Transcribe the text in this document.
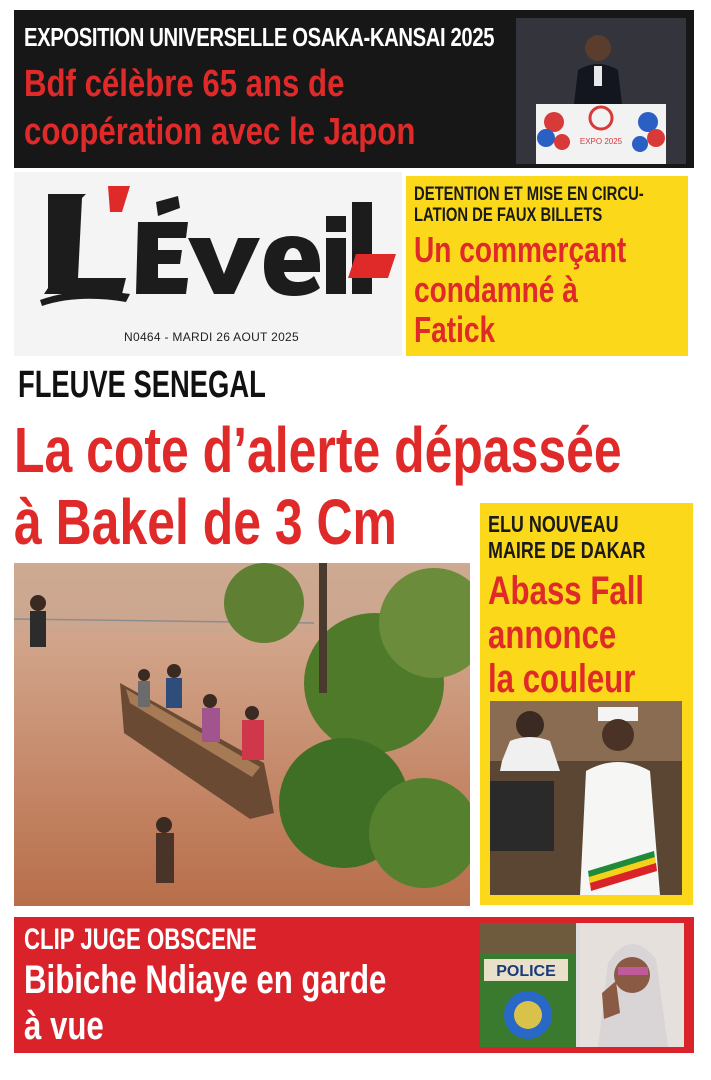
EXPOSITION UNIVERSELLE OSAKA-KANSAI 2025
Bdf célèbre 65 ans de
coopération avec le Japon	EXPO 2025
N0464 - MARDI 26 AOUT 2025
DETENTION ET MISE EN CIRCU-
LATION DE FAUX BILLETS
Un commerçant
condamné à
Fatick
FLEUVE SENEGAL
La cote d’alerte dépassée
à Bakel de 3 Cm	ELU NOUVEAU
MAIRE DE DAKAR
Abass Fall
annonce
la couleur
CLIP JUGE OBSCENE
Bibiche Ndiaye en garde
à vue
POLICE
